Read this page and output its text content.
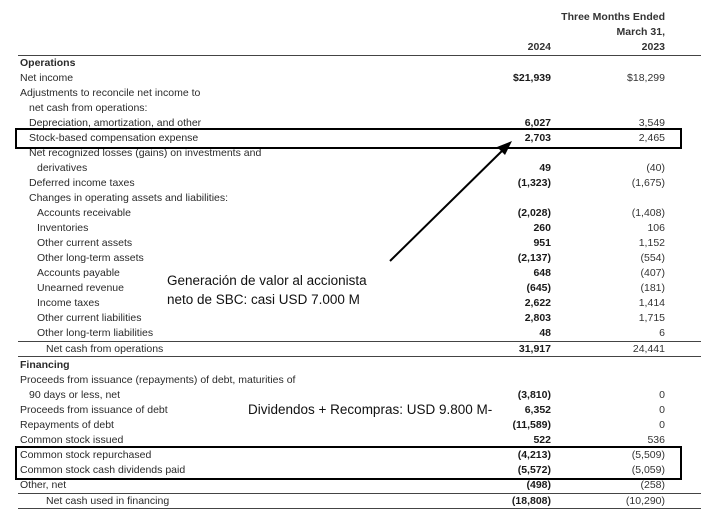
Three Months Ended
March 31,
2024	2023
Operations
Net income	$21,939	$18,299
Adjustments to reconcile net income to
net cash from operations:
Depreciation, amortization, and other	6,027	3,549
Stock-based compensation expense	2,703	2,465
Net recognized losses (gains) on investments and
derivatives	49	(40)
Deferred income taxes	(1,323)	(1,675)
Changes in operating assets and liabilities:
Accounts receivable	(2,028)	(1,408)
Inventories	260	106
Other current assets	951	1,152
Other long-term assets	(2,137)	(554)
Accounts payable	648	(407)
Unearned revenue	(645)	(181)
Income taxes	2,622	1,414
Other current liabilities	2,803	1,715
Other long-term liabilities	48	6
Net cash from operations	31,917	24,441
Financing
Proceeds from issuance (repayments) of debt, maturities of
90 days or less, net	(3,810)	0
Proceeds from issuance of debt	6,352	0
Repayments of debt	(11,589)	0
Common stock issued	522	536
Common stock repurchased	(4,213)	(5,509)
Common stock cash dividends paid	(5,572)	(5,059)
Other, net	(498)	(258)
Net cash used in financing	(18,808)	(10,290)
Generación de valor al accionista
neto de SBC: casi USD 7.000 M
Dividendos + Recompras: USD 9.800 M-
